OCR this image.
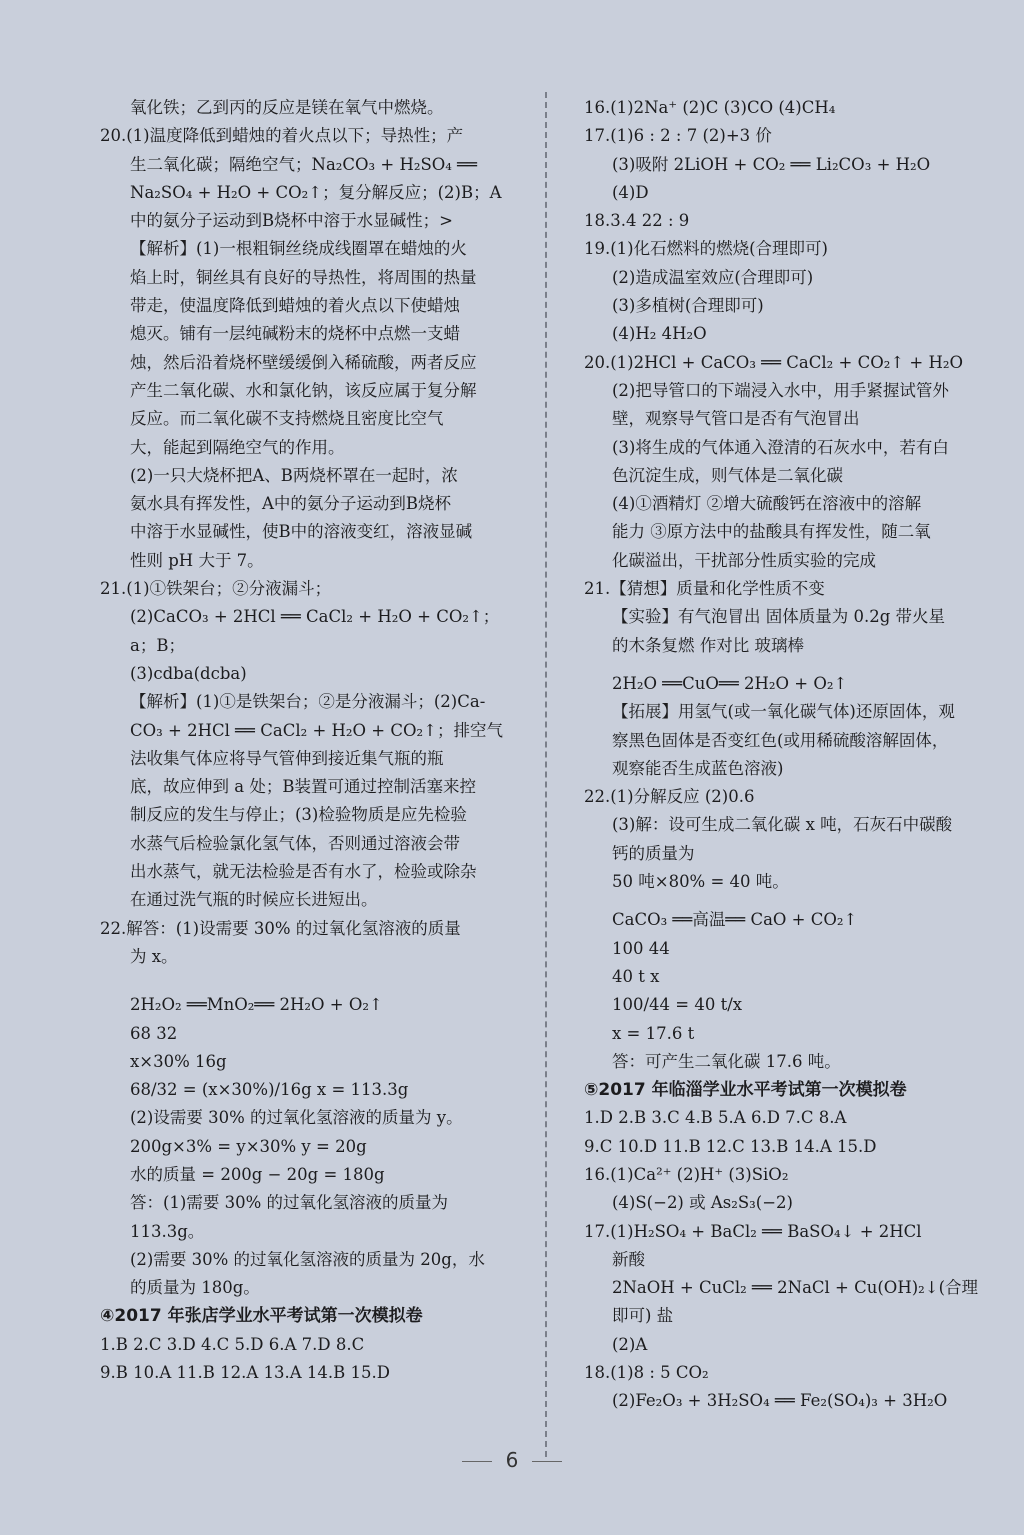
氧化铁；乙到丙的反应是镁在氧气中燃烧。
20.(1)温度降低到蜡烛的着火点以下；导热性；产
生二氧化碳；隔绝空气；Na₂CO₃ + H₂SO₄ ══
Na₂SO₄ + H₂O + CO₂↑；复分解反应；(2)B；A
中的氨分子运动到B烧杯中溶于水显碱性；>
【解析】(1)一根粗铜丝绕成线圈罩在蜡烛的火
焰上时，铜丝具有良好的导热性，将周围的热量
带走，使温度降低到蜡烛的着火点以下使蜡烛
熄灭。铺有一层纯碱粉末的烧杯中点燃一支蜡
烛，然后沿着烧杯壁缓缓倒入稀硫酸，两者反应
产生二氧化碳、水和氯化钠，该反应属于复分解
反应。而二氧化碳不支持燃烧且密度比空气
大，能起到隔绝空气的作用。
(2)一只大烧杯把A、B两烧杯罩在一起时，浓
氨水具有挥发性，A中的氨分子运动到B烧杯
中溶于水显碱性，使B中的溶液变红，溶液显碱
性则 pH 大于 7。
21.(1)①铁架台；②分液漏斗；
(2)CaCO₃ + 2HCl ══ CaCl₂ + H₂O + CO₂↑；
a；B；
(3)cdba(dcba)
【解析】(1)①是铁架台；②是分液漏斗；(2)Ca-
CO₃ + 2HCl ══ CaCl₂ + H₂O + CO₂↑；排空气
法收集气体应将导气管伸到接近集气瓶的瓶
底，故应伸到 a 处；B装置可通过控制活塞来控
制反应的发生与停止；(3)检验物质是应先检验
水蒸气后检验氯化氢气体，否则通过溶液会带
出水蒸气，就无法检验是否有水了，检验或除杂
在通过洗气瓶的时候应长进短出。
22.解答：(1)设需要 30% 的过氧化氢溶液的质量
为 x。
2H₂O₂ ══MnO₂══ 2H₂O + O₂↑
68 32
x×30% 16g
68/32 = (x×30%)/16g x = 113.3g
(2)设需要 30% 的过氧化氢溶液的质量为 y。
200g×3% = y×30% y = 20g
水的质量 = 200g − 20g = 180g
答：(1)需要 30% 的过氧化氢溶液的质量为
113.3g。
(2)需要 30% 的过氧化氢溶液的质量为 20g，水
的质量为 180g。
④2017 年张店学业水平考试第一次模拟卷
1.B 2.C 3.D 4.C 5.D 6.A 7.D 8.C
9.B 10.A 11.B 12.A 13.A 14.B 15.D
16.(1)2Na⁺ (2)C (3)CO (4)CH₄
17.(1)6 : 2 : 7 (2)+3 价
(3)吸附 2LiOH + CO₂ ══ Li₂CO₃ + H₂O
(4)D
18.3.4 22 : 9
19.(1)化石燃料的燃烧(合理即可)
(2)造成温室效应(合理即可)
(3)多植树(合理即可)
(4)H₂ 4H₂O
20.(1)2HCl + CaCO₃ ══ CaCl₂ + CO₂↑ + H₂O
(2)把导管口的下端浸入水中，用手紧握试管外
壁，观察导气管口是否有气泡冒出
(3)将生成的气体通入澄清的石灰水中，若有白
色沉淀生成，则气体是二氧化碳
(4)①酒精灯 ②增大硫酸钙在溶液中的溶解
能力 ③原方法中的盐酸具有挥发性，随二氧
化碳溢出，干扰部分性质实验的完成
21.【猜想】质量和化学性质不变
【实验】有气泡冒出 固体质量为 0.2g 带火星
的木条复燃 作对比 玻璃棒
2H₂O ══CuO══ 2H₂O + O₂↑
【拓展】用氢气(或一氧化碳气体)还原固体，观
察黑色固体是否变红色(或用稀硫酸溶解固体，
观察能否生成蓝色溶液)
22.(1)分解反应 (2)0.6
(3)解：设可生成二氧化碳 x 吨，石灰石中碳酸
钙的质量为
50 吨×80% = 40 吨。
CaCO₃ ══高温══ CaO + CO₂↑
100 44
40 t x
100/44 = 40 t/x
x = 17.6 t
答：可产生二氧化碳 17.6 吨。
⑤2017 年临淄学业水平考试第一次模拟卷
1.D 2.B 3.C 4.B 5.A 6.D 7.C 8.A
9.C 10.D 11.B 12.C 13.B 14.A 15.D
16.(1)Ca²⁺ (2)H⁺ (3)SiO₂
(4)S(−2) 或 As₂S₃(−2)
17.(1)H₂SO₄ + BaCl₂ ══ BaSO₄↓ + 2HCl
新酸
2NaOH + CuCl₂ ══ 2NaCl + Cu(OH)₂↓(合理
即可) 盐
(2)A
18.(1)8 : 5 CO₂
(2)Fe₂O₃ + 3H₂SO₄ ══ Fe₂(SO₄)₃ + 3H₂O
6
